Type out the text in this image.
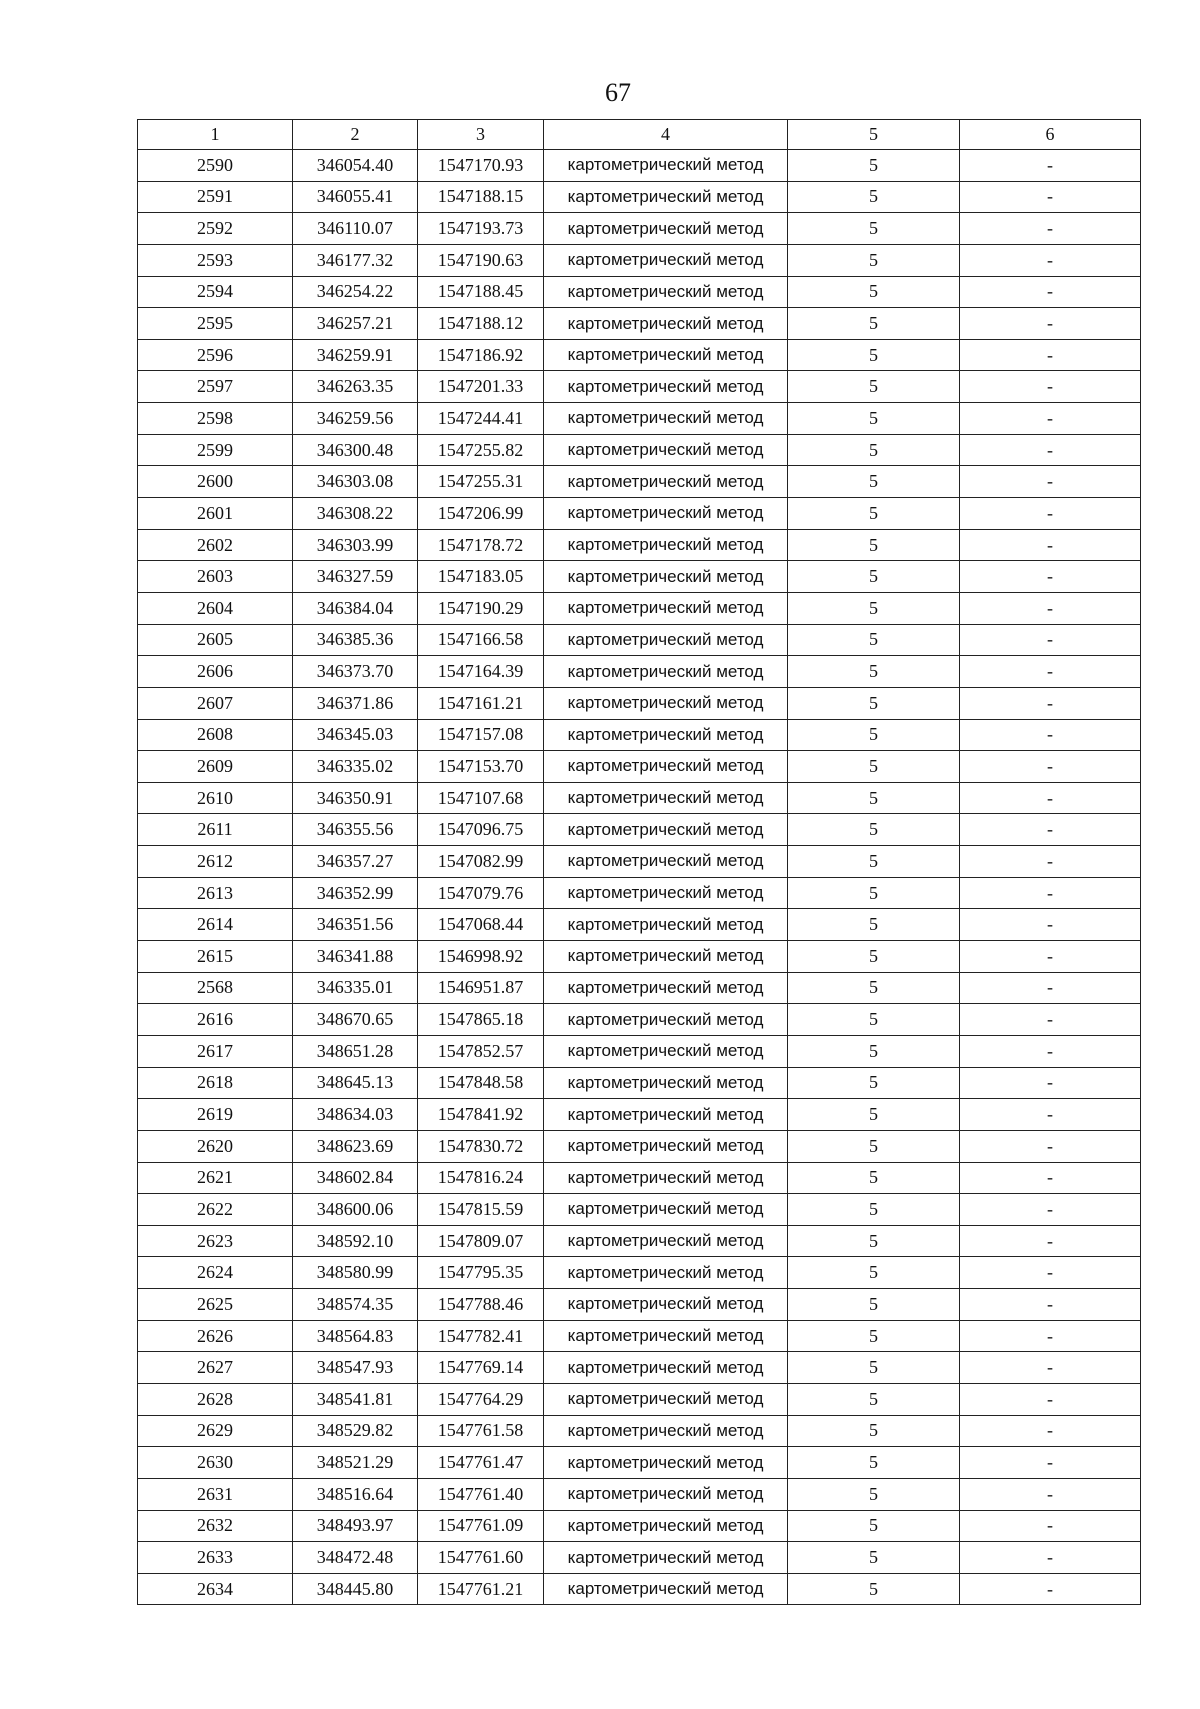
67
1	2	3	4	5	6
2590	346054.40	1547170.93	картометрический метод	5	-
2591	346055.41	1547188.15	картометрический метод	5	-
2592	346110.07	1547193.73	картометрический метод	5	-
2593	346177.32	1547190.63	картометрический метод	5	-
2594	346254.22	1547188.45	картометрический метод	5	-
2595	346257.21	1547188.12	картометрический метод	5	-
2596	346259.91	1547186.92	картометрический метод	5	-
2597	346263.35	1547201.33	картометрический метод	5	-
2598	346259.56	1547244.41	картометрический метод	5	-
2599	346300.48	1547255.82	картометрический метод	5	-
2600	346303.08	1547255.31	картометрический метод	5	-
2601	346308.22	1547206.99	картометрический метод	5	-
2602	346303.99	1547178.72	картометрический метод	5	-
2603	346327.59	1547183.05	картометрический метод	5	-
2604	346384.04	1547190.29	картометрический метод	5	-
2605	346385.36	1547166.58	картометрический метод	5	-
2606	346373.70	1547164.39	картометрический метод	5	-
2607	346371.86	1547161.21	картометрический метод	5	-
2608	346345.03	1547157.08	картометрический метод	5	-
2609	346335.02	1547153.70	картометрический метод	5	-
2610	346350.91	1547107.68	картометрический метод	5	-
2611	346355.56	1547096.75	картометрический метод	5	-
2612	346357.27	1547082.99	картометрический метод	5	-
2613	346352.99	1547079.76	картометрический метод	5	-
2614	346351.56	1547068.44	картометрический метод	5	-
2615	346341.88	1546998.92	картометрический метод	5	-
2568	346335.01	1546951.87	картометрический метод	5	-
2616	348670.65	1547865.18	картометрический метод	5	-
2617	348651.28	1547852.57	картометрический метод	5	-
2618	348645.13	1547848.58	картометрический метод	5	-
2619	348634.03	1547841.92	картометрический метод	5	-
2620	348623.69	1547830.72	картометрический метод	5	-
2621	348602.84	1547816.24	картометрический метод	5	-
2622	348600.06	1547815.59	картометрический метод	5	-
2623	348592.10	1547809.07	картометрический метод	5	-
2624	348580.99	1547795.35	картометрический метод	5	-
2625	348574.35	1547788.46	картометрический метод	5	-
2626	348564.83	1547782.41	картометрический метод	5	-
2627	348547.93	1547769.14	картометрический метод	5	-
2628	348541.81	1547764.29	картометрический метод	5	-
2629	348529.82	1547761.58	картометрический метод	5	-
2630	348521.29	1547761.47	картометрический метод	5	-
2631	348516.64	1547761.40	картометрический метод	5	-
2632	348493.97	1547761.09	картометрический метод	5	-
2633	348472.48	1547761.60	картометрический метод	5	-
2634	348445.80	1547761.21	картометрический метод	5	-
